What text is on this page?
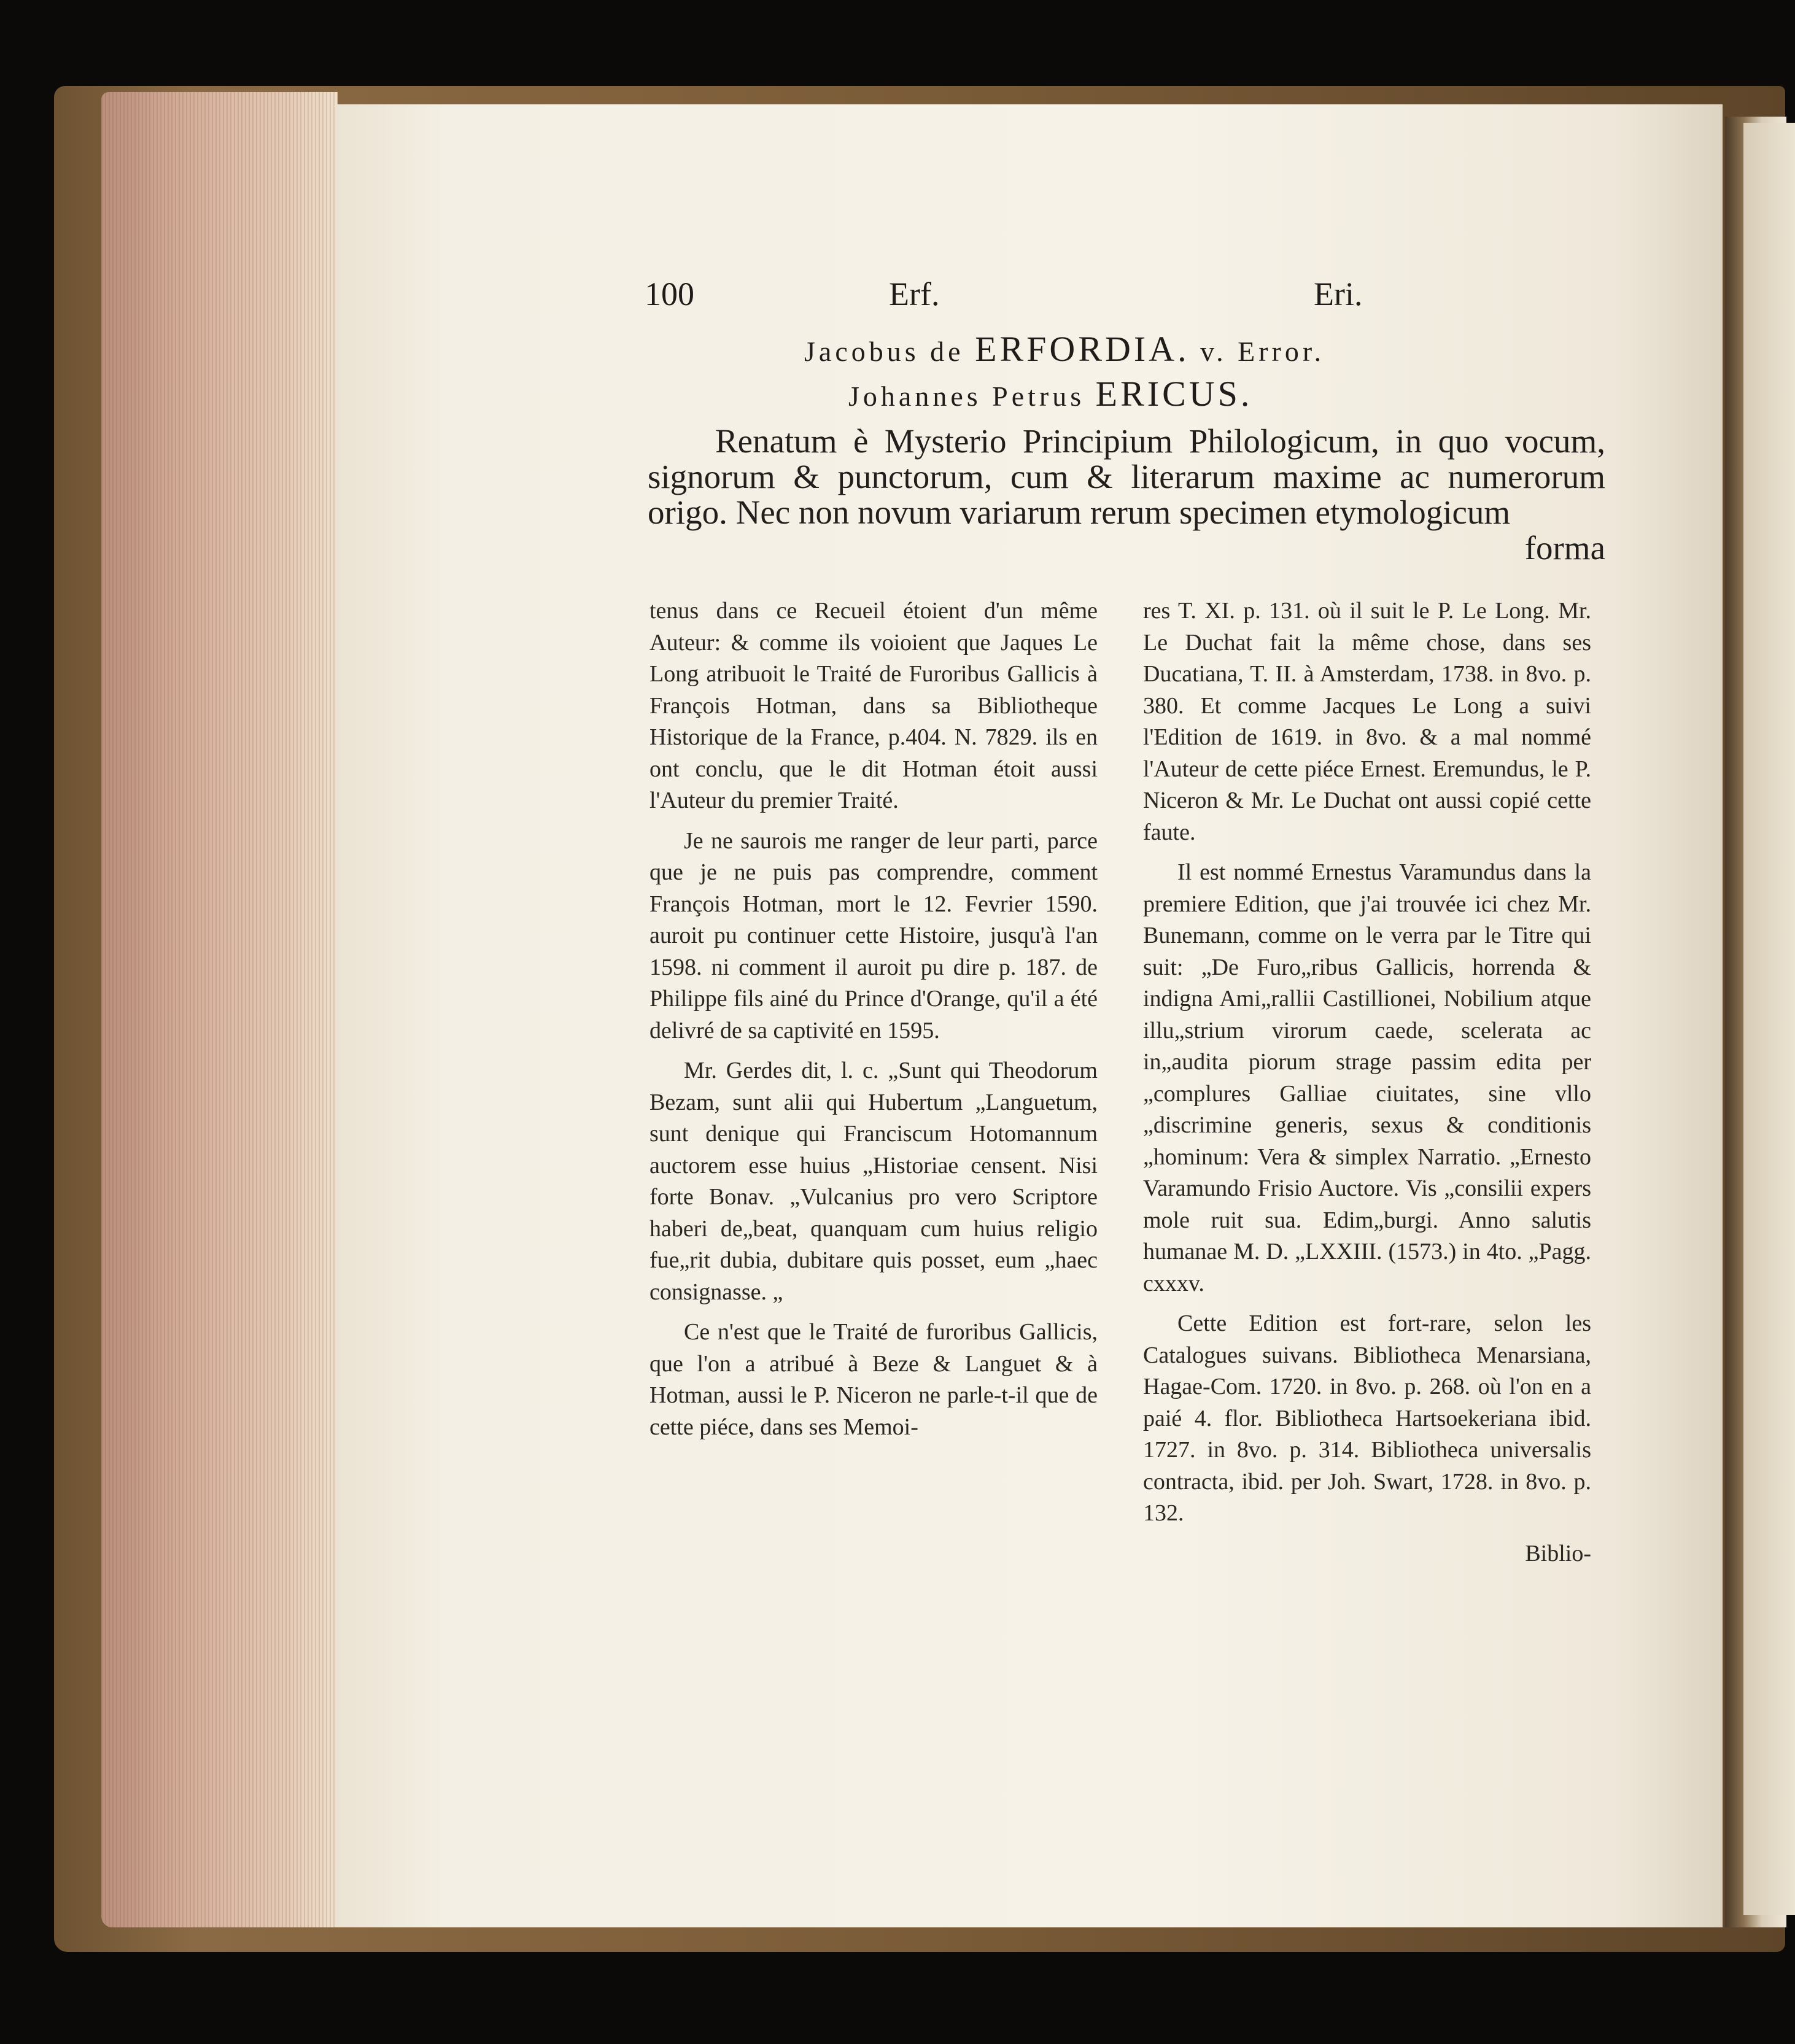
100	Erf.	Eri.
Jacobus de ERFORDIA. v. Error.
Johannes Petrus ERICUS.
Renatum è Mysterio Principium Philologicum, in quo vocum, signorum & punctorum, cum & literarum maxime ac numerorum origo. Nec non novum variarum rerum specimen etymologicum
forma

tenus dans ce Recueil étoient d'un même Auteur: & comme ils voioient que Jaques Le Long atribuoit le Traité de Furoribus Gallicis à François Hotman, dans sa Bibliotheque Historique de la France, p.404. N. 7829. ils en ont conclu, que le dit Hotman étoit aussi l'Auteur du premier Traité.

Je ne saurois me ranger de leur parti, parce que je ne puis pas comprendre, comment François Hotman, mort le 12. Fevrier 1590. auroit pu continuer cette Histoire, jusqu'à l'an 1598. ni comment il auroit pu dire p. 187. de Philippe fils ainé du Prince d'Orange, qu'il a été delivré de sa captivité en 1595.

Mr. Gerdes dit, l. c. „Sunt qui Theodorum Bezam, sunt alii qui Hubertum „Languetum, sunt denique qui Franciscum Hotomannum auctorem esse huius „Historiae censent. Nisi forte Bonav. „Vulcanius pro vero Scriptore haberi de„beat, quanquam cum huius religio fue„rit dubia, dubitare quis posset, eum „haec consignasse. „

Ce n'est que le Traité de furoribus Gallicis, que l'on a atribué à Beze & Languet & à Hotman, aussi le P. Niceron ne parle-t-il que de cette piéce, dans ses Memoi-

res T. XI. p. 131. où il suit le P. Le Long. Mr. Le Duchat fait la même chose, dans ses Ducatiana, T. II. à Amsterdam, 1738. in 8vo. p. 380. Et comme Jacques Le Long a suivi l'Edition de 1619. in 8vo. & a mal nommé l'Auteur de cette piéce Ernest. Eremundus, le P. Niceron & Mr. Le Duchat ont aussi copié cette faute.

Il est nommé Ernestus Varamundus dans la premiere Edition, que j'ai trouvée ici chez Mr. Bunemann, comme on le verra par le Titre qui suit: „De Furo„ribus Gallicis, horrenda & indigna Ami„rallii Castillionei, Nobilium atque illu„strium virorum caede, scelerata ac in„audita piorum strage passim edita per „complures Galliae ciuitates, sine vllo „discrimine generis, sexus & conditionis „hominum: Vera & simplex Narratio. „Ernesto Varamundo Frisio Auctore. Vis „consilii expers mole ruit sua. Edim„burgi. Anno salutis humanae M. D. „LXXIII. (1573.) in 4to. „Pagg. cxxxv.

Cette Edition est fort-rare, selon les Catalogues suivans. Bibliotheca Menarsiana, Hagae-Com. 1720. in 8vo. p. 268. où l'on en a paié 4. flor. Bibliotheca Hartsoekeriana ibid. 1727. in 8vo. p. 314. Bibliotheca universalis contracta, ibid. per Joh. Swart, 1728. in 8vo. p. 132.

Biblio-
